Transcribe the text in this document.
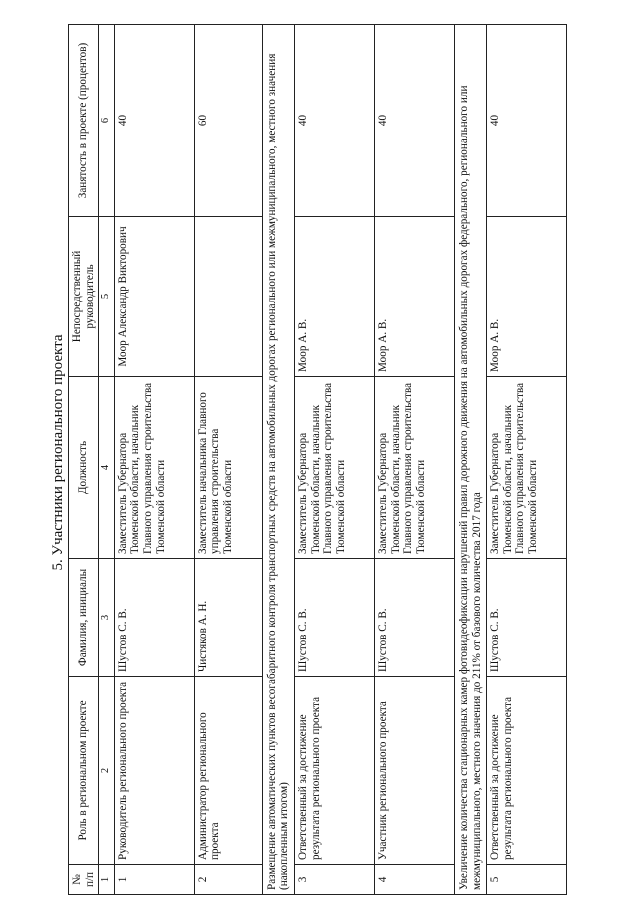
5. Участники регионального проекта
№ п/п	Роль в региональном проекте	Фамилия, инициалы	Должность	Непосредственный руководитель	Занятость в проекте (процентов)
1	2	3	4	5	6
1	Руководитель регионального проекта	Шустов С. В.	Заместитель Губернатора Тюменской области, начальник Главного управления строительства Тюменской области	Моор Александр Викторович	40
2	Администратор регионального проекта	Чистяков А. Н.	Заместитель начальника Главного управления строительства Тюменской области		60
Размещение автоматических пунктов весогабаритного контроля транспортных средств на автомобильных дорогах регионального или межмуниципального, местного значения (накопленным итогом)					
3	Ответственный за достижение результата регионального проекта	Шустов С. В.	Заместитель Губернатора Тюменской области, начальник Главного управления строительства Тюменской области	Моор А. В.	40
4	Участник регионального проекта	Шустов С. В.	Заместитель Губернатора Тюменской области, начальник Главного управления строительства Тюменской области	Моор А. В.	40
Увеличение количества стационарных камер фотовидеофиксации нарушений правил дорожного движения на автомобильных дорогах федерального, регионального или межмуниципального, местного значения до 211% от базового количества 2017 года					
5	Ответственный за достижение результата регионального проекта	Шустов С. В.	Заместитель Губернатора Тюменской области, начальник Главного управления строительства Тюменской области	Моор А. В.	40
